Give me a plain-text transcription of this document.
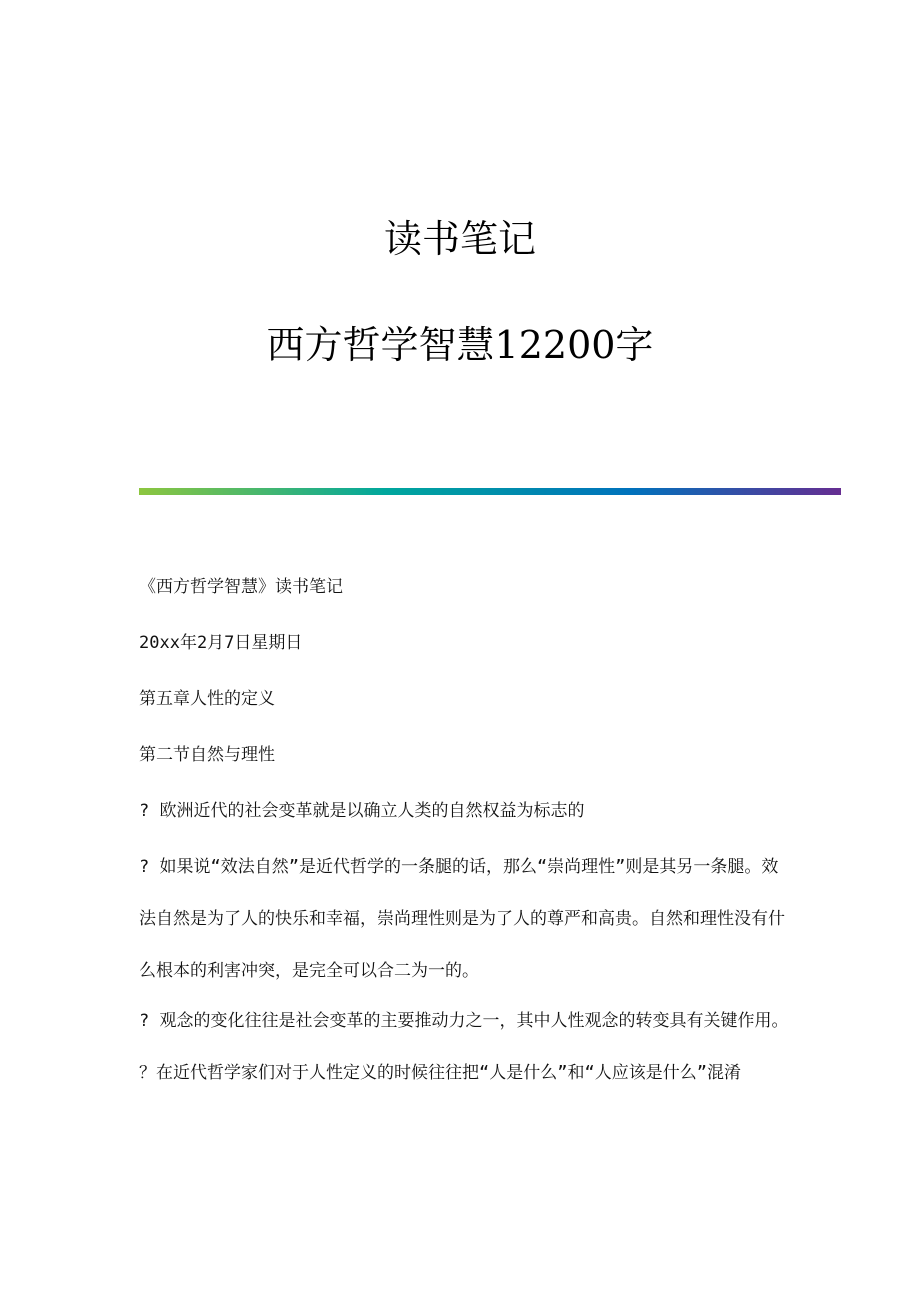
读书笔记
西方哲学智慧12200字

《西方哲学智慧》读书笔记

20xx年2月7日星期日

第五章人性的定义

第二节自然与理性

? 欧洲近代的社会变革就是以确立人类的自然权益为标志的

? 如果说“效法自然”是近代哲学的一条腿的话，那么“崇尚理性”则是其另一条腿。效法自然是为了人的快乐和幸福，崇尚理性则是为了人的尊严和高贵。自然和理性没有什么根本的利害冲突，是完全可以合二为一的。

? 观念的变化往往是社会变革的主要推动力之一，其中人性观念的转变具有关键作用。 ？在近代哲学家们对于人性定义的时候往往把“人是什么”和“人应该是什么”混淆
